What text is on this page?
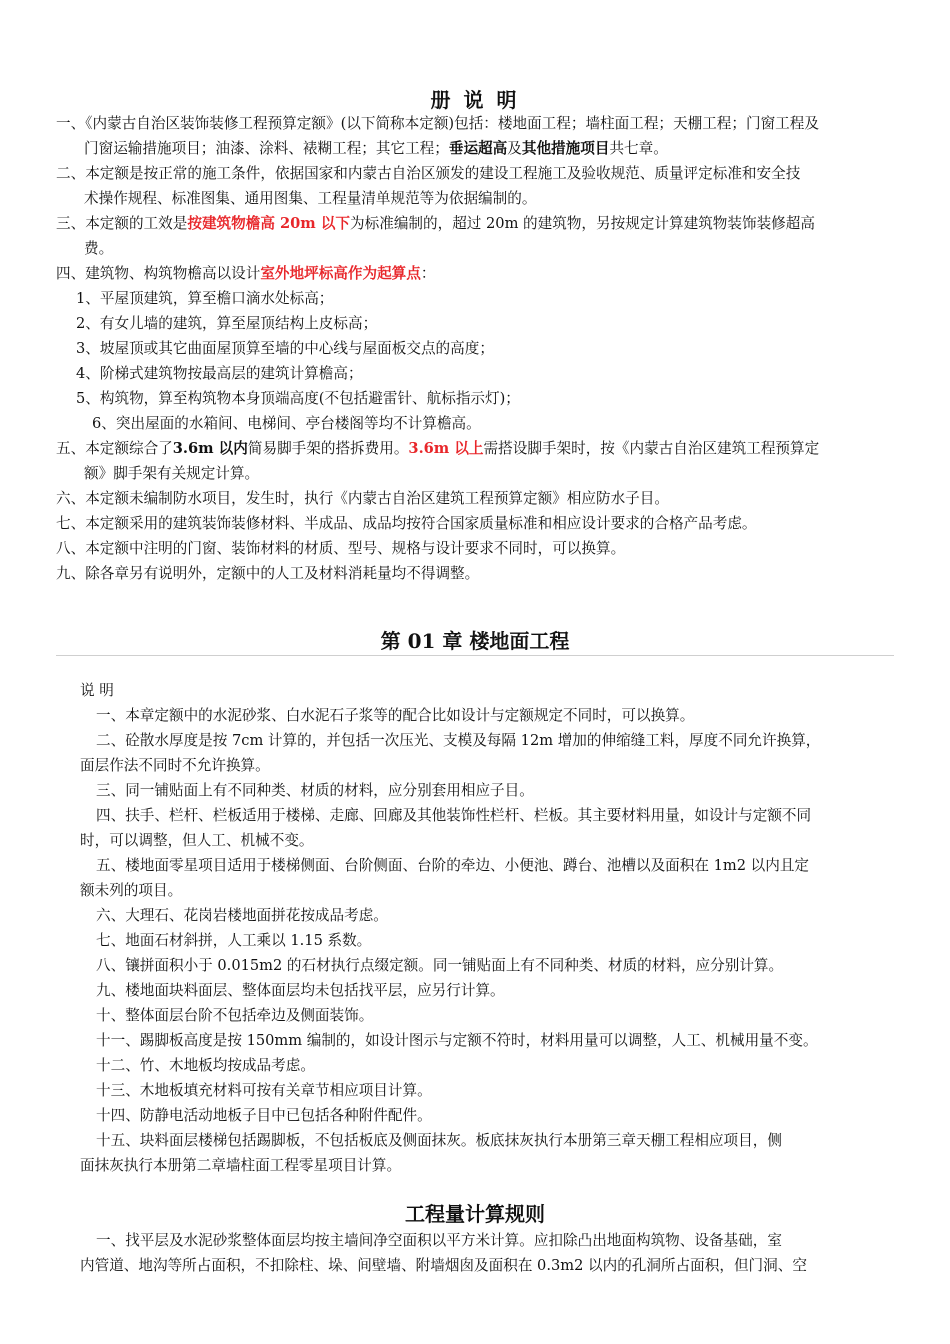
册 说 明
一、《内蒙古自治区装饰装修工程预算定额》(以下简称本定额)包括：楼地面工程；墙柱面工程；天棚工程；门窗工程及
门窗运输措施项目；油漆、涂料、裱糊工程；其它工程；垂运超高及其他措施项目共七章。
二、本定额是按正常的施工条件，依据国家和内蒙古自治区颁发的建设工程施工及验收规范、质量评定标准和安全技
术操作规程、标准图集、通用图集、工程量清单规范等为依据编制的。
三、本定额的工效是按建筑物檐高 20m 以下为标准编制的，超过 20m 的建筑物，另按规定计算建筑物装饰装修超高
费。
四、建筑物、构筑物檐高以设计室外地坪标高作为起算点：
1、平屋顶建筑，算至檐口滴水处标高；
2、有女儿墙的建筑，算至屋顶结构上皮标高；
3、坡屋顶或其它曲面屋顶算至墙的中心线与屋面板交点的高度；
4、阶梯式建筑物按最高层的建筑计算檐高；
5、构筑物，算至构筑物本身顶端高度(不包括避雷针、航标指示灯)；
6、突出屋面的水箱间、电梯间、亭台楼阁等均不计算檐高。
五、本定额综合了3.6m 以内简易脚手架的搭拆费用。3.6m 以上需搭设脚手架时，按《内蒙古自治区建筑工程预算定
额》脚手架有关规定计算。
六、本定额未编制防水项目，发生时，执行《内蒙古自治区建筑工程预算定额》相应防水子目。
七、本定额采用的建筑装饰装修材料、半成品、成品均按符合国家质量标准和相应设计要求的合格产品考虑。
八、本定额中注明的门窗、装饰材料的材质、型号、规格与设计要求不同时，可以换算。
九、除各章另有说明外，定额中的人工及材料消耗量均不得调整。
第 01 章 楼地面工程
说 明
一、本章定额中的水泥砂浆、白水泥石子浆等的配合比如设计与定额规定不同时，可以换算。
二、砼散水厚度是按 7cm 计算的，并包括一次压光、支模及每隔 12m 增加的伸缩缝工料，厚度不同允许换算，
面层作法不同时不允许换算。
三、同一铺贴面上有不同种类、材质的材料，应分别套用相应子目。
四、扶手、栏杆、栏板适用于楼梯、走廊、回廊及其他装饰性栏杆、栏板。其主要材料用量，如设计与定额不同
时，可以调整，但人工、机械不变。
五、楼地面零星项目适用于楼梯侧面、台阶侧面、台阶的牵边、小便池、蹲台、池槽以及面积在 1m2 以内且定
额未列的项目。
六、大理石、花岗岩楼地面拼花按成品考虑。
七、地面石材斜拼，人工乘以 1.15 系数。
八、镶拼面积小于 0.015m2 的石材执行点缀定额。同一铺贴面上有不同种类、材质的材料，应分别计算。
九、楼地面块料面层、整体面层均未包括找平层，应另行计算。
十、整体面层台阶不包括牵边及侧面装饰。
十一、踢脚板高度是按 150mm 编制的，如设计图示与定额不符时，材料用量可以调整，人工、机械用量不变。
十二、竹、木地板均按成品考虑。
十三、木地板填充材料可按有关章节相应项目计算。
十四、防静电活动地板子目中已包括各种附件配件。
十五、块料面层楼梯包括踢脚板，不包括板底及侧面抹灰。板底抹灰执行本册第三章天棚工程相应项目，侧
面抹灰执行本册第二章墙柱面工程零星项目计算。
工程量计算规则
一、找平层及水泥砂浆整体面层均按主墙间净空面积以平方米计算。应扣除凸出地面构筑物、设备基础，室
内管道、地沟等所占面积，不扣除柱、垛、间壁墙、附墙烟囱及面积在 0.3m2 以内的孔洞所占面积，但门洞、空
